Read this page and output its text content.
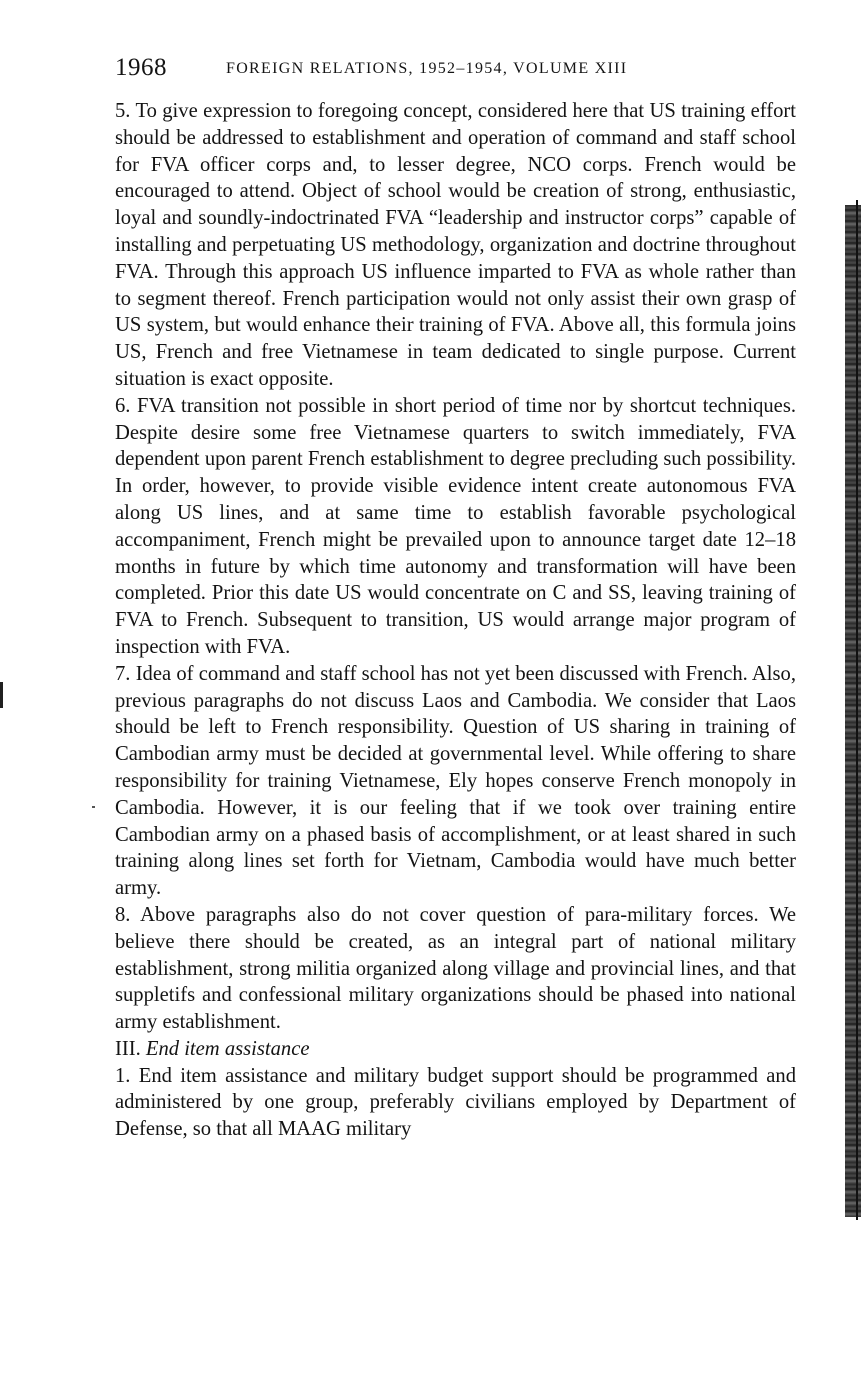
1968	FOREIGN RELATIONS, 1952–1954, VOLUME XIII

5. To give expression to foregoing concept, considered here that US training effort should be addressed to establishment and operation of command and staff school for FVA officer corps and, to lesser degree, NCO corps. French would be encouraged to attend. Object of school would be creation of strong, enthusiastic, loyal and soundly-indoctrinated FVA “leadership and instructor corps” capable of installing and perpetuating US methodology, organization and doctrine throughout FVA. Through this approach US influence imparted to FVA as whole rather than to segment thereof. French participation would not only assist their own grasp of US system, but would enhance their training of FVA. Above all, this formula joins US, French and free Vietnamese in team dedicated to single purpose. Current situation is exact opposite.

6. FVA transition not possible in short period of time nor by shortcut techniques. Despite desire some free Vietnamese quarters to switch immediately, FVA dependent upon parent French establishment to degree precluding such possibility. In order, however, to provide visible evidence intent create autonomous FVA along US lines, and at same time to establish favorable psychological accompaniment, French might be prevailed upon to announce target date 12–18 months in future by which time autonomy and transformation will have been completed. Prior this date US would concentrate on C and SS, leaving training of FVA to French. Subsequent to transition, US would arrange major program of inspection with FVA.

7. Idea of command and staff school has not yet been discussed with French. Also, previous paragraphs do not discuss Laos and Cambodia. We consider that Laos should be left to French responsibility. Question of US sharing in training of Cambodian army must be decided at governmental level. While offering to share responsibility for training Vietnamese, Ely hopes conserve French monopoly in Cambodia. However, it is our feeling that if we took over training entire Cambodian army on a phased basis of accomplishment, or at least shared in such training along lines set forth for Vietnam, Cambodia would have much better army.

8. Above paragraphs also do not cover question of para-military forces. We believe there should be created, as an integral part of national military establishment, strong militia organized along village and provincial lines, and that suppletifs and confessional military organizations should be phased into national army establishment.

III. End item assistance

1. End item assistance and military budget support should be programmed and administered by one group, preferably civilians employed by Department of Defense, so that all MAAG military
